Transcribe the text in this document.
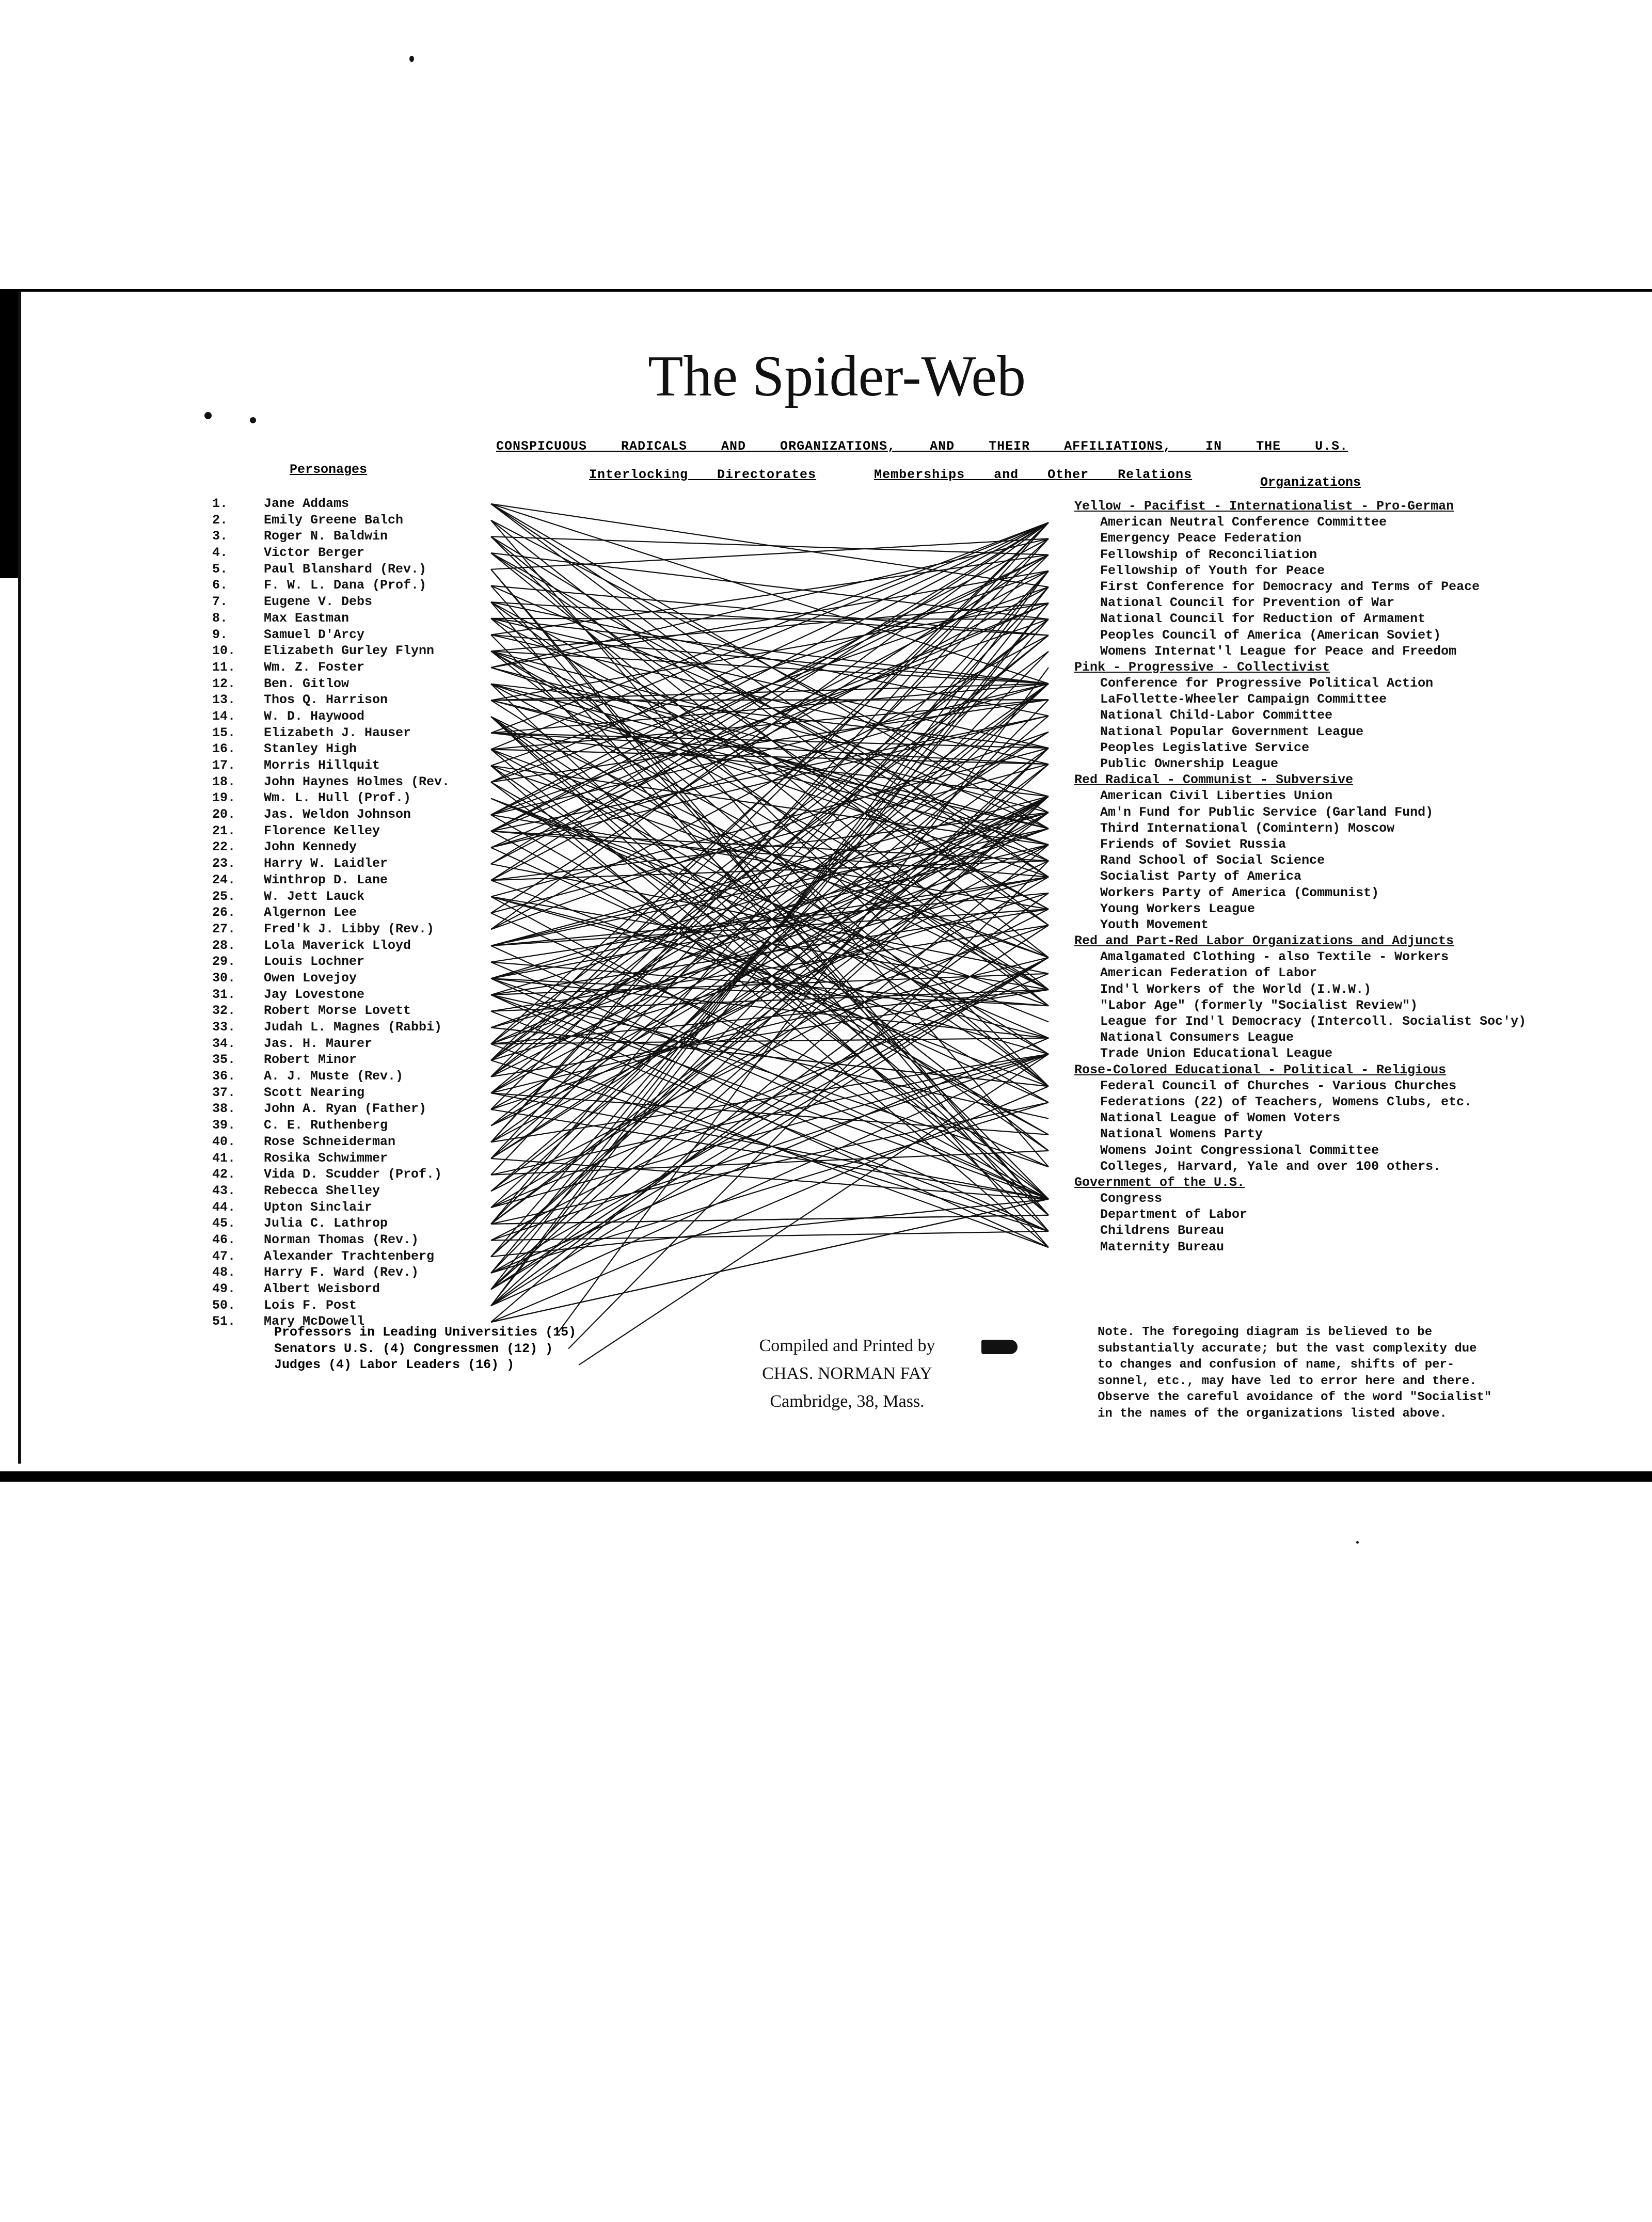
The Spider-Web
CONSPICUOUS RADICALS AND ORGANIZATIONS, AND THEIR AFFILIATIONS, IN THE U.S.
Interlocking Directorates	Memberships and Other Relations
Personages
Organizations
1.	Jane Addams
2.	Emily Greene Balch
3.	Roger N. Baldwin
4.	Victor Berger
5.	Paul Blanshard (Rev.)
6.	F. W. L. Dana (Prof.)
7.	Eugene V. Debs
8.	Max Eastman
9.	Samuel D'Arcy
10. Elizabeth Gurley Flynn
11. Wm. Z. Foster
12. Ben. Gitlow
13. Thos Q. Harrison
14. W. D. Haywood
15. Elizabeth J. Hauser
16. Stanley High
17. Morris Hillquit
18. John Haynes Holmes (Rev.
19. Wm. L. Hull (Prof.)
20. Jas. Weldon Johnson
21. Florence Kelley
22. John Kennedy
23. Harry W. Laidler
24. Winthrop D. Lane
25. W. Jett Lauck
26. Algernon Lee
27. Fred'k J. Libby (Rev.)
28. Lola Maverick Lloyd
29. Louis Lochner
30. Owen Lovejoy
31. Jay Lovestone
32. Robert Morse Lovett
33. Judah L. Magnes (Rabbi)
34. Jas. H. Maurer
35. Robert Minor
36. A. J. Muste (Rev.)
37. Scott Nearing
38. John A. Ryan (Father)
39. C. E. Ruthenberg
40. Rose Schneiderman
41. Rosika Schwimmer
42. Vida D. Scudder (Prof.)
43. Rebecca Shelley
44. Upton Sinclair
45. Julia C. Lathrop
46. Norman Thomas (Rev.)
47. Alexander Trachtenberg
48. Harry F. Ward (Rev.)
49. Albert Weisbord
50. Lois F. Post
51. Mary McDowell
Professors in Leading Universities (15)
Senators U.S. (4) Congressmen (12) )
Judges (4) Labor Leaders (16) )
Yellow - Pacifist - Internationalist - Pro-German
American Neutral Conference Committee
Emergency Peace Federation
Fellowship of Reconciliation
Fellowship of Youth for Peace
First Conference for Democracy and Terms of Peace
National Council for Prevention of War
National Council for Reduction of Armament
Peoples Council of America (American Soviet)
Womens Internat'l League for Peace and Freedom
Pink - Progressive - Collectivist
Conference for Progressive Political Action
LaFollette-Wheeler Campaign Committee
National Child-Labor Committee
National Popular Government League
Peoples Legislative Service
Public Ownership League
Red Radical - Communist - Subversive
American Civil Liberties Union
Am'n Fund for Public Service (Garland Fund)
Third International (Comintern) Moscow
Friends of Soviet Russia
Rand School of Social Science
Socialist Party of America
Workers Party of America (Communist)
Young Workers League
Youth Movement
Red and Part-Red Labor Organizations and Adjuncts
Amalgamated Clothing - also Textile - Workers
American Federation of Labor
Ind'l Workers of the World (I.W.W.)
"Labor Age" (formerly "Socialist Review")
League for Ind'l Democracy (Intercoll. Socialist Soc'y)
National Consumers League
Trade Union Educational League
Rose-Colored Educational - Political - Religious
Federal Council of Churches - Various Churches
Federations (22) of Teachers, Womens Clubs, etc.
National League of Women Voters
National Womens Party
Womens Joint Congressional Committee
Colleges, Harvard, Yale and over 100 others.
Government of the U.S.
Congress
Department of Labor
Childrens Bureau
Maternity Bureau
Compiled and Printed by
CHAS. NORMAN FAY
Cambridge, 38, Mass.
Note. The foregoing diagram is believed to be
substantially accurate; but the vast complexity due
to changes and confusion of name, shifts of per-
sonnel, etc., may have led to error here and there.
Observe the careful avoidance of the word "Socialist"
in the names of the organizations listed above.
